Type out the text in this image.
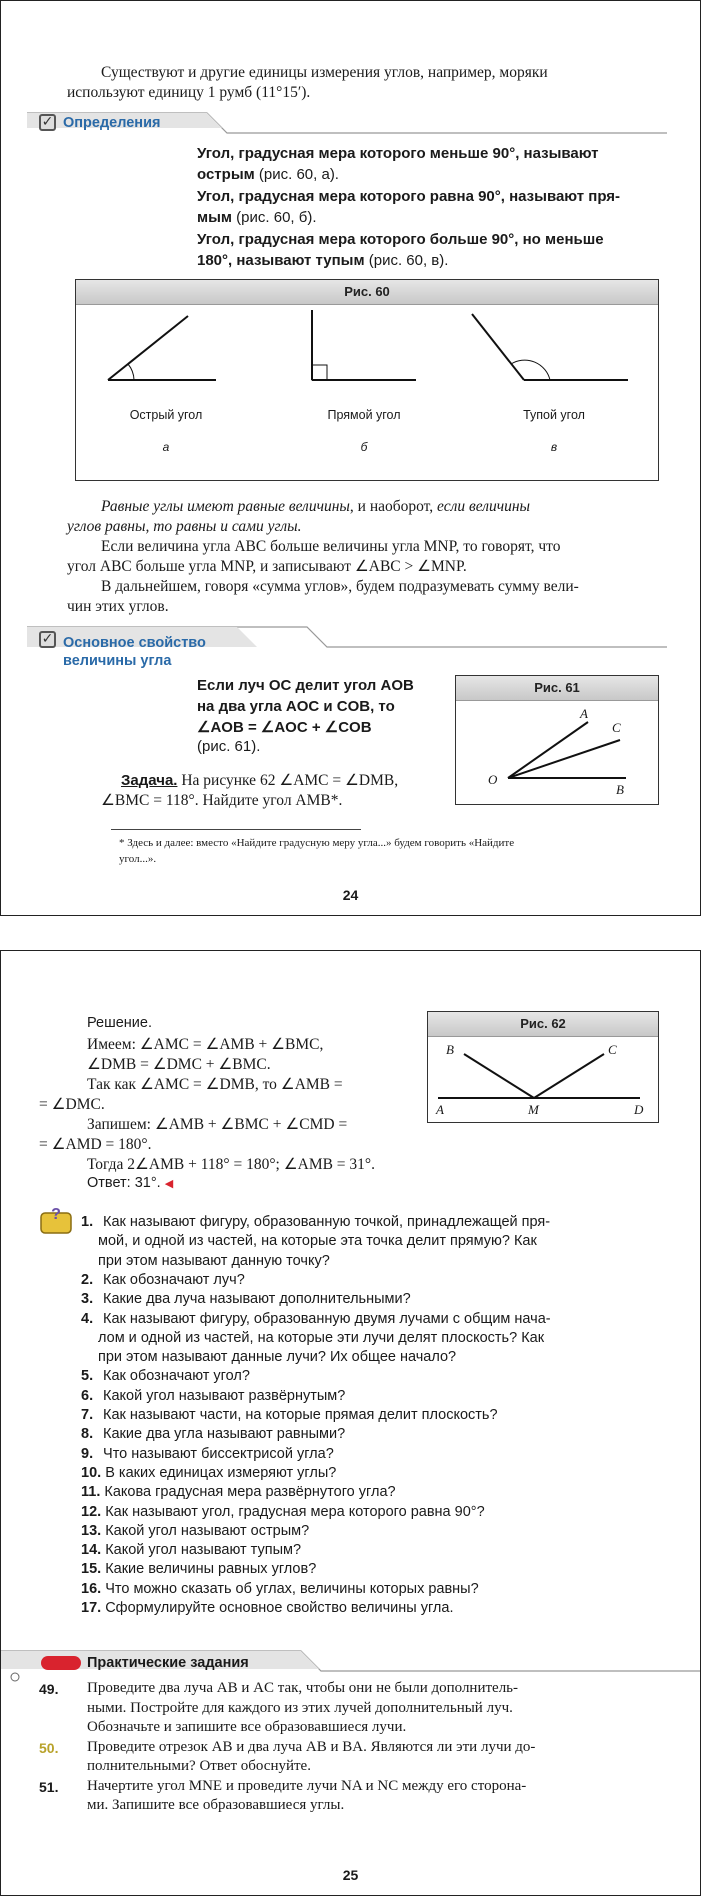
Существуют и другие единицы измерения углов, например, моряки
используют единицу 1 румб (11°15′).
✓ Определения
Угол, градусная мера которого меньше 90°, называют
острым (рис. 60, а).
Угол, градусная мера которого равна 90°, называют пря-
мым (рис. 60, б).
Угол, градусная мера которого больше 90°, но меньше
180°, называют тупым (рис. 60, в).
Рис. 60
Острый угол	Прямой угол	Тупой угол
а	б	в
Равные углы имеют равные величины, и наоборот, если величины
углов равны, то равны и сами углы.
Если величина угла ABC больше величины угла MNP, то говорят, что
угол ABC больше угла MNP, и записывают ∠ABC > ∠MNP.
В дальнейшем, говоря «сумма углов», будем подразумевать сумму вели-
чин этих углов.
✓ Основное свойство
величины угла
Если луч OC делит угол AOB
на два угла AOC и COB, то
∠AOB = ∠AOC + ∠COB
(рис. 61).
Рис. 61
A
C
O
B
Задача. На рисунке 62 ∠AMC = ∠DMB,
∠BMC = 118°. Найдите угол AMB*.
* Здесь и далее: вместо «Найдите градусную меру угла...» будем говорить «Найдите
угол...».
24
Решение.
Имеем: ∠AMC = ∠AMB + ∠BMC,
∠DMB = ∠DMC + ∠BMC.
Так как ∠AMC = ∠DMB, то ∠AMB =
= ∠DMC.
Запишем: ∠AMB + ∠BMC + ∠CMD =
= ∠AMD = 180°.
Тогда 2∠AMB + 118° = 180°; ∠AMB = 31°.
Ответ: 31°. ◀
Рис. 62
B	C
A	M	D
? 1. Как называют фигуру, образованную точкой, принадлежащей пря-
мой, и одной из частей, на которые эта точка делит прямую? Как
при этом называют данную точку?
2. Как обозначают луч?
3. Какие два луча называют дополнительными?
4. Как называют фигуру, образованную двумя лучами с общим нача-
лом и одной из частей, на которые эти лучи делят плоскость? Как
при этом называют данные лучи? Их общее начало?
5. Как обозначают угол?
6. Какой угол называют развёрнутым?
7. Как называют части, на которые прямая делит плоскость?
8. Какие два угла называют равными?
9. Что называют биссектрисой угла?
10. В каких единицах измеряют углы?
11. Какова градусная мера развёрнутого угла?
12. Как называют угол, градусная мера которого равна 90°?
13. Какой угол называют острым?
14. Какой угол называют тупым?
15. Какие величины равных углов?
16. Что можно сказать об углах, величины которых равны?
17. Сформулируйте основное свойство величины угла.
Практические задания
49. Проведите два луча AB и AC так, чтобы они не были дополнитель-
ными. Постройте для каждого из этих лучей дополнительный луч.
Обозначьте и запишите все образовавшиеся лучи.
50. Проведите отрезок AB и два луча AB и BA. Являются ли эти лучи до-
полнительными? Ответ обоснуйте.
51. Начертите угол MNE и проведите лучи NA и NC между его сторона-
ми. Запишите все образовавшиеся углы.
25
